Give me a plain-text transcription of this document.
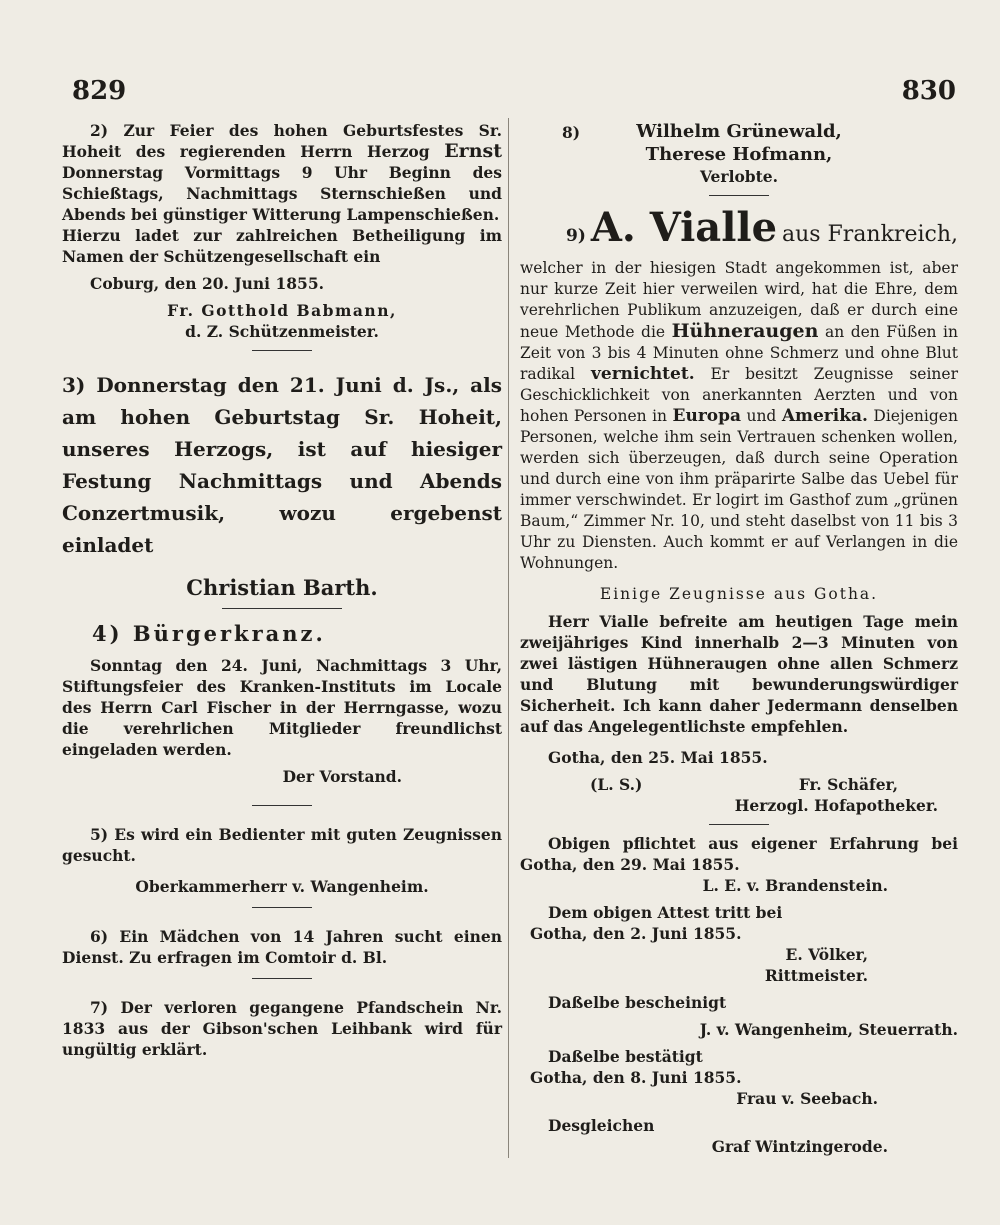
829	830

2) Zur Feier des hohen Geburtsfestes Sr. Hoheit des regierenden Herrn Herzog Ernst Donnerstag Vormittags 9 Uhr Beginn des Schießtags, Nachmittags Sternschießen und Abends bei günstiger Witterung Lampenschießen.

Hierzu ladet zur zahlreichen Betheiligung im Namen der Schützengesellschaft ein

Coburg, den 20. Juni 1855.

Fr. Gotthold Babmann,

d. Z. Schützenmeister.

3) Donnerstag den 21. Juni d. Js., als am hohen Geburtstag Sr. Hoheit, unseres Herzogs, ist auf hiesiger Festung Nachmittags und Abends Conzertmusik, wozu ergebenst einladet

Christian Barth.

4) Bürgerkranz.

Sonntag den 24. Juni, Nachmittags 3 Uhr, Stiftungsfeier des Kranken-Instituts im Locale des Herrn Carl Fischer in der Herrngasse, wozu die verehrlichen Mitglieder freundlichst eingeladen werden.

Der Vorstand.

5) Es wird ein Bedienter mit guten Zeugnissen gesucht.

Oberkammerherr v. Wangenheim.

6) Ein Mädchen von 14 Jahren sucht einen Dienst. Zu erfragen im Comtoir d. Bl.

7) Der verloren gegangene Pfandschein Nr. 1833 aus der Gibson'schen Leihbank wird für ungültig erklärt.

8)	Wilhelm Grünewald,

Therese Hofmann,

Verlobte.

9) A. Vialle aus Frankreich,

welcher in der hiesigen Stadt angekommen ist, aber nur kurze Zeit hier verweilen wird, hat die Ehre, dem verehrlichen Publikum anzuzeigen, daß er durch eine neue Methode die Hühneraugen an den Füßen in Zeit von 3 bis 4 Minuten ohne Schmerz und ohne Blut radikal vernichtet. Er besitzt Zeugnisse seiner Geschicklichkeit von anerkannten Aerzten und von hohen Personen in Europa und Amerika. Diejenigen Personen, welche ihm sein Vertrauen schenken wollen, werden sich überzeugen, daß durch seine Operation und durch eine von ihm präparirte Salbe das Uebel für immer verschwindet. Er logirt im Gasthof zum „grünen Baum,“ Zimmer Nr. 10, und steht daselbst von 11 bis 3 Uhr zu Diensten. Auch kommt er auf Verlangen in die Wohnungen.

Einige Zeugnisse aus Gotha.

Herr Vialle befreite am heutigen Tage mein zweijähriges Kind innerhalb 2—3 Minuten von zwei lästigen Hühneraugen ohne allen Schmerz und Blutung mit bewunderungswürdiger Sicherheit. Ich kann daher Jedermann denselben auf das Angelegentlichste empfehlen.

Gotha, den 25. Mai 1855.

(L. S.)	Fr. Schäfer,

Herzogl. Hofapotheker.

Obigen pflichtet aus eigener Erfahrung bei Gotha, den 29. Mai 1855.

L. E. v. Brandenstein.

Dem obigen Attest tritt bei

Gotha, den 2. Juni 1855.

E. Völker,

Rittmeister.

Daßelbe bescheinigt

J. v. Wangenheim, Steuerrath.

Daßelbe bestätigt

Gotha, den 8. Juni 1855.

Frau v. Seebach.

Desgleichen

Graf Wintzingerode.
